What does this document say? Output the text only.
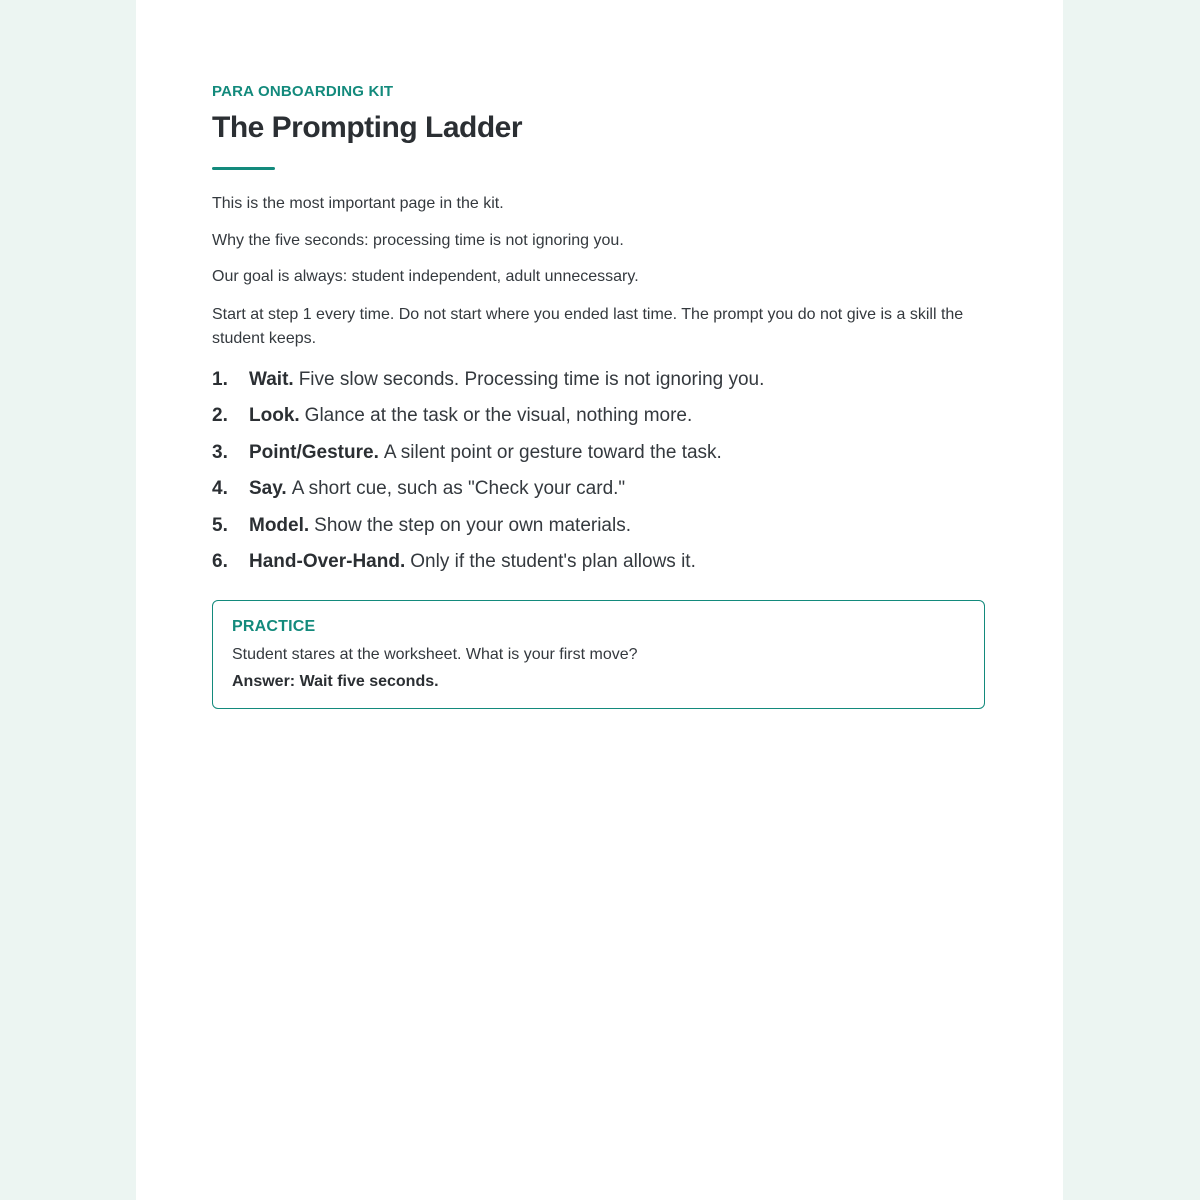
PARA ONBOARDING KIT
The Prompting Ladder

This is the most important page in the kit.

Why the five seconds: processing time is not ignoring you.

Our goal is always: student independent, adult unnecessary.

Start at step 1 every time. Do not start where you ended last time. The prompt you do not give is a skill the student keeps.

1.	Wait. Five slow seconds. Processing time is not ignoring you.
2.	Look. Glance at the task or the visual, nothing more.
3.	Point/Gesture. A silent point or gesture toward the task.
4.	Say. A short cue, such as "Check your card."
5.	Model. Show the step on your own materials.
6.	Hand-Over-Hand. Only if the student's plan allows it.
PRACTICE
Student stares at the worksheet. What is your first move?
Answer: Wait five seconds.
